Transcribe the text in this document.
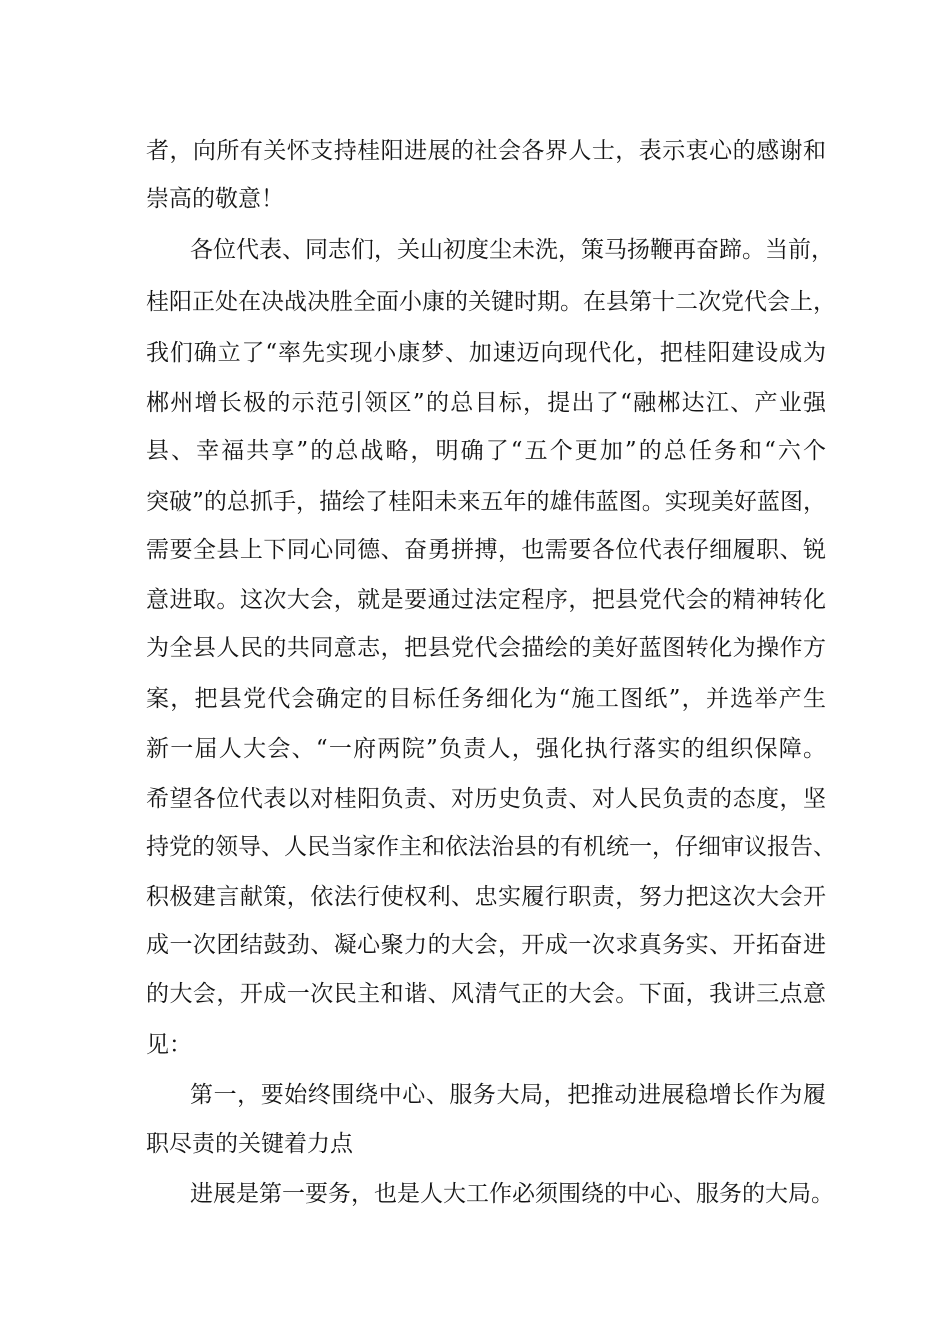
者，向所有关怀支持桂阳进展的社会各界人士，表示衷心的感谢和
崇高的敬意！
各位代表、同志们，关山初度尘未洗，策马扬鞭再奋蹄。当前，
桂阳正处在决战决胜全面小康的关键时期。在县第十二次党代会上，
我们确立了“率先实现小康梦、加速迈向现代化，把桂阳建设成为
郴州增长极的示范引领区”的总目标，提出了“融郴达江、产业强
县、幸福共享”的总战略，明确了“五个更加”的总任务和“六个
突破”的总抓手，描绘了桂阳未来五年的雄伟蓝图。实现美好蓝图，
需要全县上下同心同德、奋勇拼搏，也需要各位代表仔细履职、锐
意进取。这次大会，就是要通过法定程序，把县党代会的精神转化
为全县人民的共同意志，把县党代会描绘的美好蓝图转化为操作方
案，把县党代会确定的目标任务细化为“施工图纸”，并选举产生
新一届人大会、“一府两院”负责人，强化执行落实的组织保障。
希望各位代表以对桂阳负责、对历史负责、对人民负责的态度，坚
持党的领导、人民当家作主和依法治县的有机统一，仔细审议报告、
积极建言献策，依法行使权利、忠实履行职责，努力把这次大会开
成一次团结鼓劲、凝心聚力的大会，开成一次求真务实、开拓奋进
的大会，开成一次民主和谐、风清气正的大会。下面，我讲三点意
见：
第一，要始终围绕中心、服务大局，把推动进展稳增长作为履
职尽责的关键着力点
进展是第一要务，也是人大工作必须围绕的中心、服务的大局。
